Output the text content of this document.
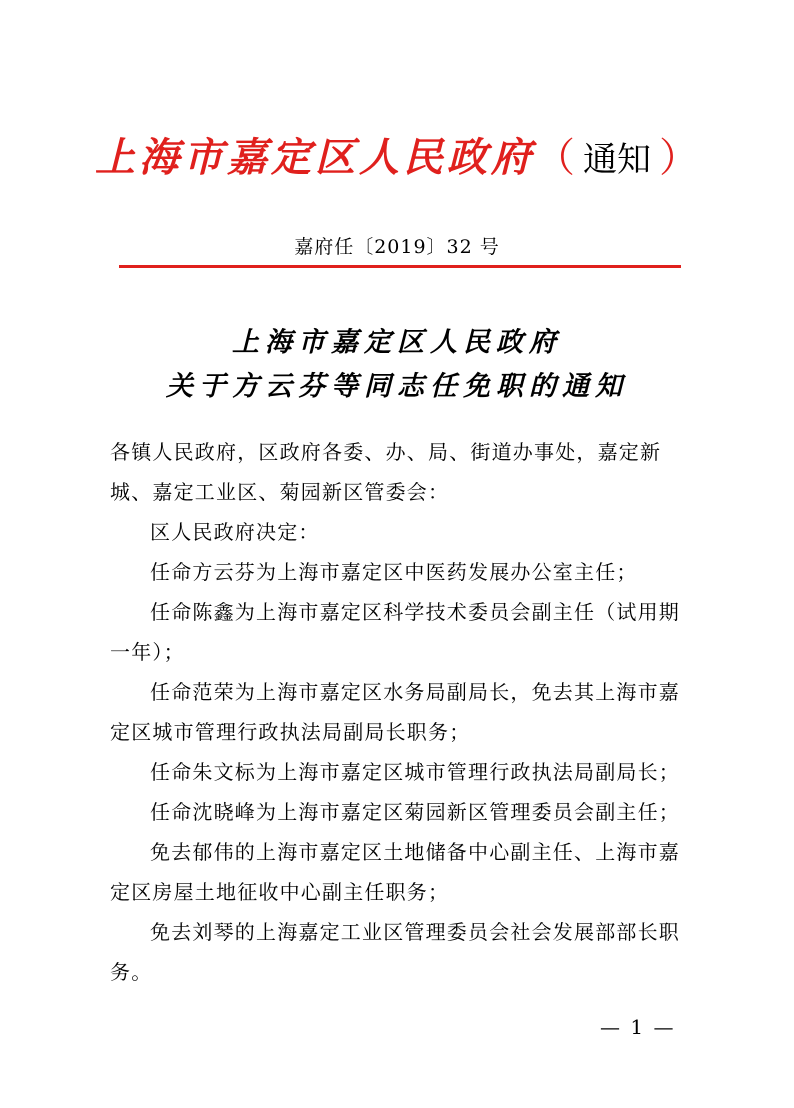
上海市嘉定区人民政府（ 通知 ）
嘉府任〔2019〕32 号
上海市嘉定区人民政府
关于方云芬等同志任免职的通知

各镇人民政府，区政府各委、办、局、街道办事处，嘉定新城、嘉定工业区、菊园新区管委会：

区人民政府决定：

任命方云芬为上海市嘉定区中医药发展办公室主任；

任命陈鑫为上海市嘉定区科学技术委员会副主任（试用期一年）；

任命范荣为上海市嘉定区水务局副局长，免去其上海市嘉定区城市管理行政执法局副局长职务；

任命朱文标为上海市嘉定区城市管理行政执法局副局长；

任命沈晓峰为上海市嘉定区菊园新区管理委员会副主任；

免去郁伟的上海市嘉定区土地储备中心副主任、上海市嘉定区房屋土地征收中心副主任职务；

免去刘琴的上海嘉定工业区管理委员会社会发展部部长职务。

— 1 —
